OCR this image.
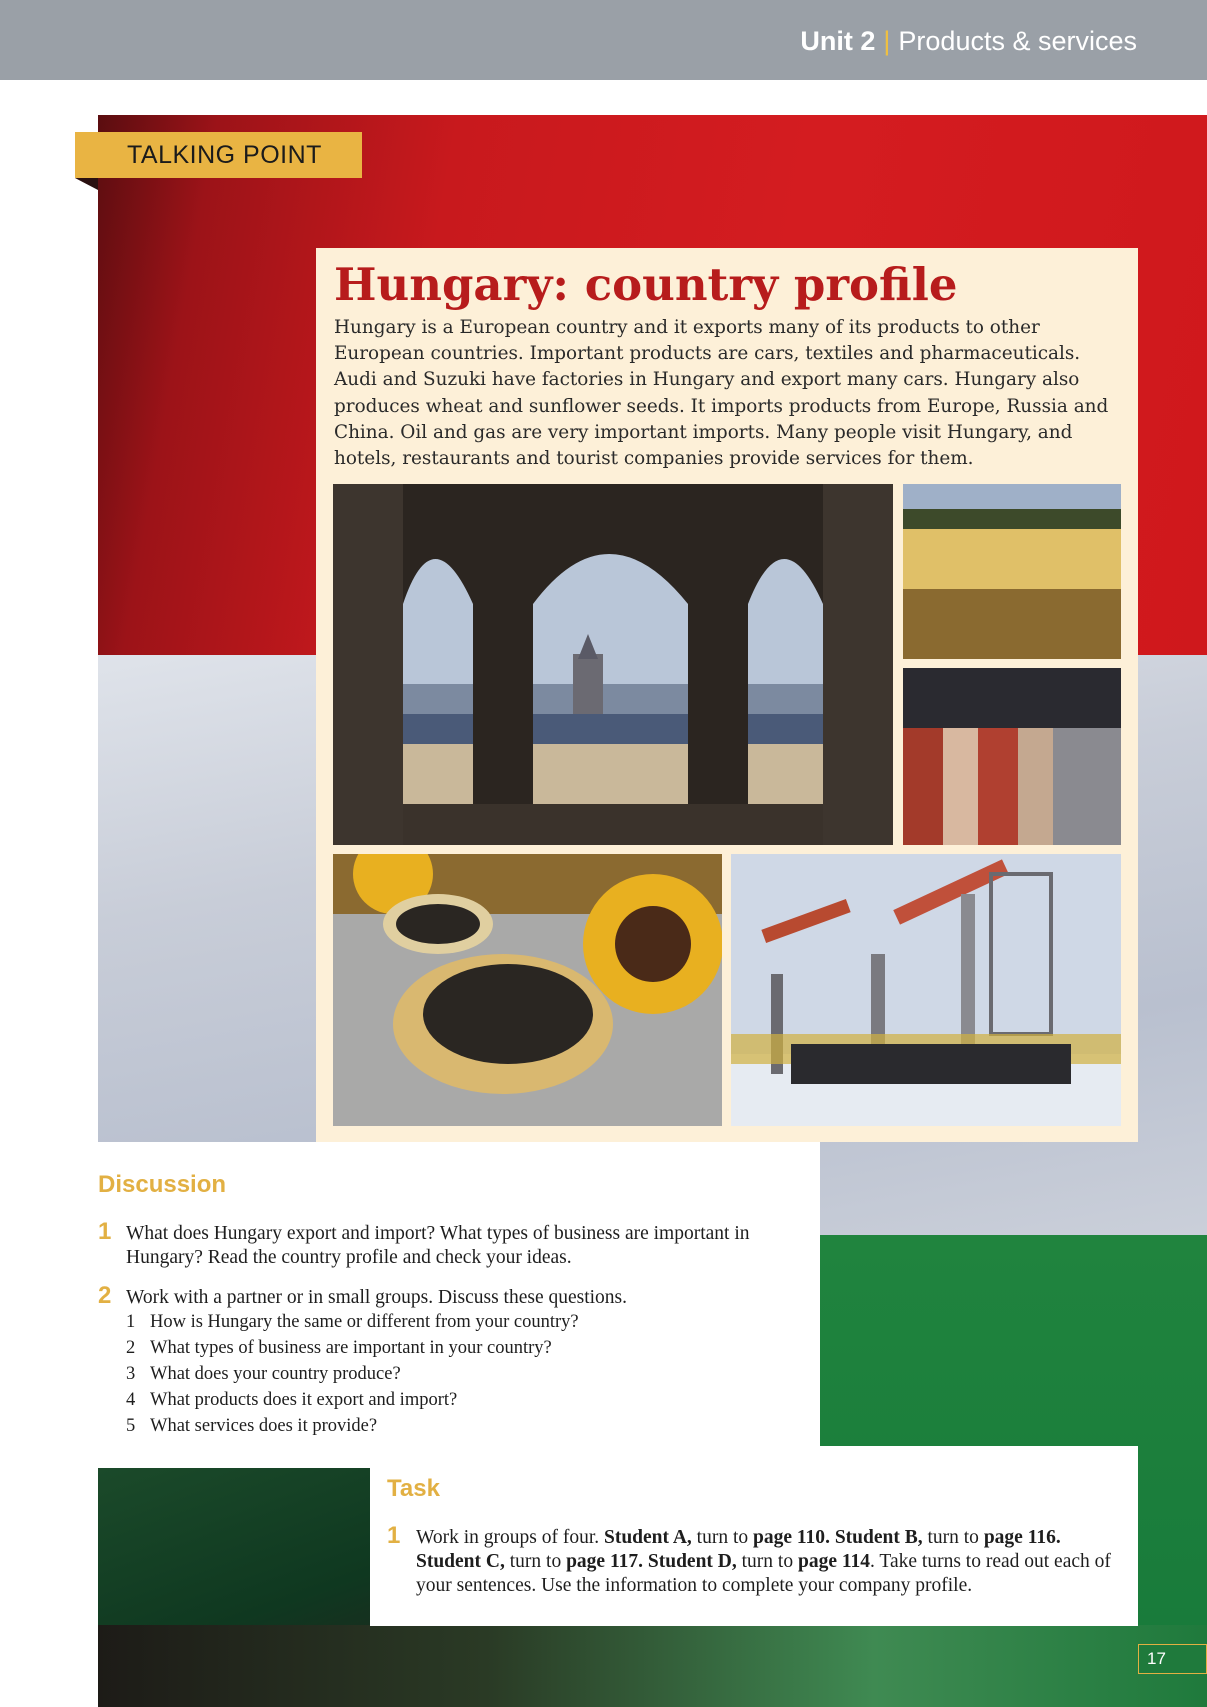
Unit 2 | Products & services
TALKING POINT
Hungary: country profile

Hungary is a European country and it exports many of its products to other European countries. Important products are cars, textiles and pharmaceuticals. Audi and Suzuki have factories in Hungary and export many cars. Hungary also produces wheat and sunflower seeds. It imports products from Europe, Russia and China. Oil and gas are very important imports. Many people visit Hungary, and hotels, restaurants and tourist companies provide services for them.

Discussion
1 What does Hungary export and import? What types of business are important in Hungary? Read the country profile and check your ideas.

2 Work with a partner or in small groups. Discuss these questions.

1 How is Hungary the same or different from your country?
2 What types of business are important in your country?
3 What does your country produce?
4 What products does it export and import?
5 What services does it provide?
Task
1 Work in groups of four. Student A, turn to page 110. Student B, turn to page 116. Student C, turn to page 117. Student D, turn to page 114. Take turns to read out each of your sentences. Use the information to complete your company profile.

17
